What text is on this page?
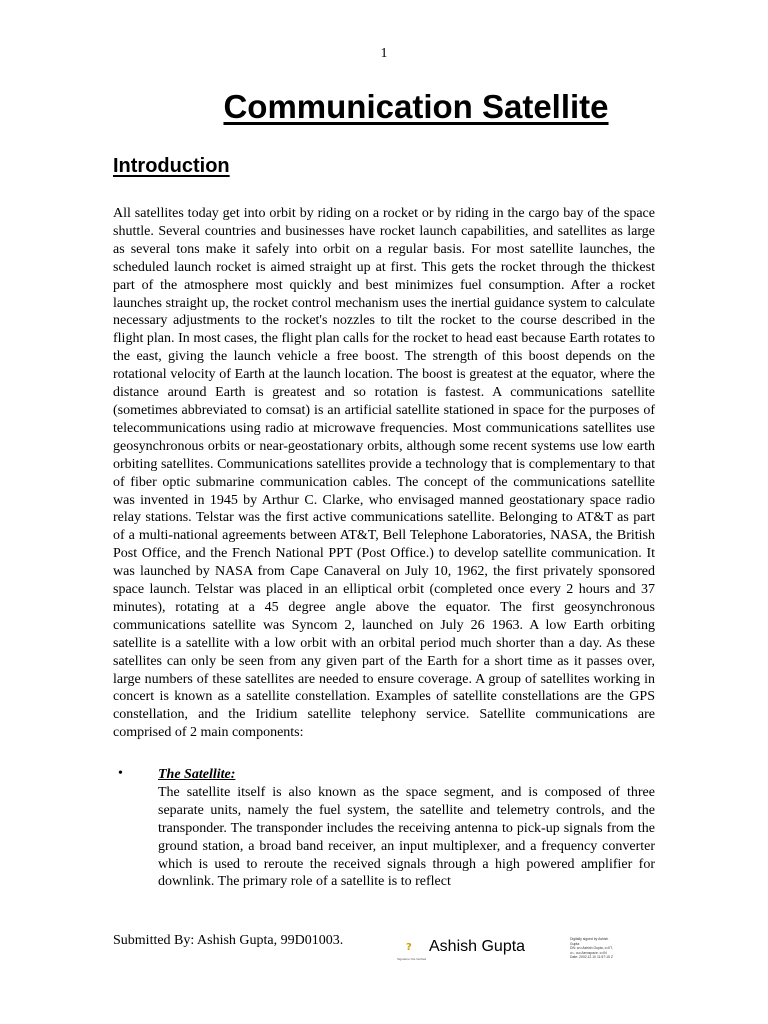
1
Communication Satellite
Introduction

All satellites today get into orbit by riding on a rocket or by riding in the cargo bay of the space shuttle. Several countries and businesses have rocket launch capabilities, and satellites as large as several tons make it safely into orbit on a regular basis. For most satellite launches, the scheduled launch rocket is aimed straight up at first. This gets the rocket through the thickest part of the atmosphere most quickly and best minimizes fuel consumption. After a rocket launches straight up, the rocket control mechanism uses the inertial guidance system to calculate necessary adjustments to the rocket's nozzles to tilt the rocket to the course described in the flight plan. In most cases, the flight plan calls for the rocket to head east because Earth rotates to the east, giving the launch vehicle a free boost. The strength of this boost depends on the rotational velocity of Earth at the launch location. The boost is greatest at the equator, where the distance around Earth is greatest and so rotation is fastest. A communications satellite (sometimes abbreviated to comsat) is an artificial satellite stationed in space for the purposes of telecommunications using radio at microwave frequencies. Most communications satellites use geosynchronous orbits or near-geostationary orbits, although some recent systems use low earth orbiting satellites. Communications satellites provide a technology that is complementary to that of fiber optic submarine communication cables. The concept of the communications satellite was invented in 1945 by Arthur C. Clarke, who envisaged manned geostationary space radio relay stations. Telstar was the first active communications satellite. Belonging to AT&T as part of a multi-national agreements between AT&T, Bell Telephone Laboratories, NASA, the British Post Office, and the French National PPT (Post Office.) to develop satellite communication. It was launched by NASA from Cape Canaveral on July 10, 1962, the first privately sponsored space launch. Telstar was placed in an elliptical orbit (completed once every 2 hours and 37 minutes), rotating at a 45 degree angle above the equator. The first geosynchronous communications satellite was Syncom 2, launched on July 26 1963. A low Earth orbiting satellite is a satellite with a low orbit with an orbital period much shorter than a day. As these satellites can only be seen from any given part of the Earth for a short time as it passes over, large numbers of these satellites are needed to ensure coverage. A group of satellites working in concert is known as a satellite constellation. Examples of satellite constellations are the GPS constellation, and the Iridium satellite telephony service. Satellite communications are comprised of 2 main components:

•	The Satellite:
The satellite itself is also known as the space segment, and is composed of three separate units, namely the fuel system, the satellite and telemetry controls, and the transponder. The transponder includes the receiving antenna to pick-up signals from the ground station, a broad band receiver, an input multiplexer, and a frequency converter which is used to reroute the received signals through a high powered amplifier for downlink. The primary role of a satellite is to reflect
Submitted By: Ashish Gupta, 99D01003.	? Ashish Gupta
Signature Not Verified
Digitally signed by Ashish
Gupta
DN: cn=Ashish Gupta, c=IIT,
o=, ou=Aerospace, c=IN
Date: 2002.12.10 11:57:15 Z
